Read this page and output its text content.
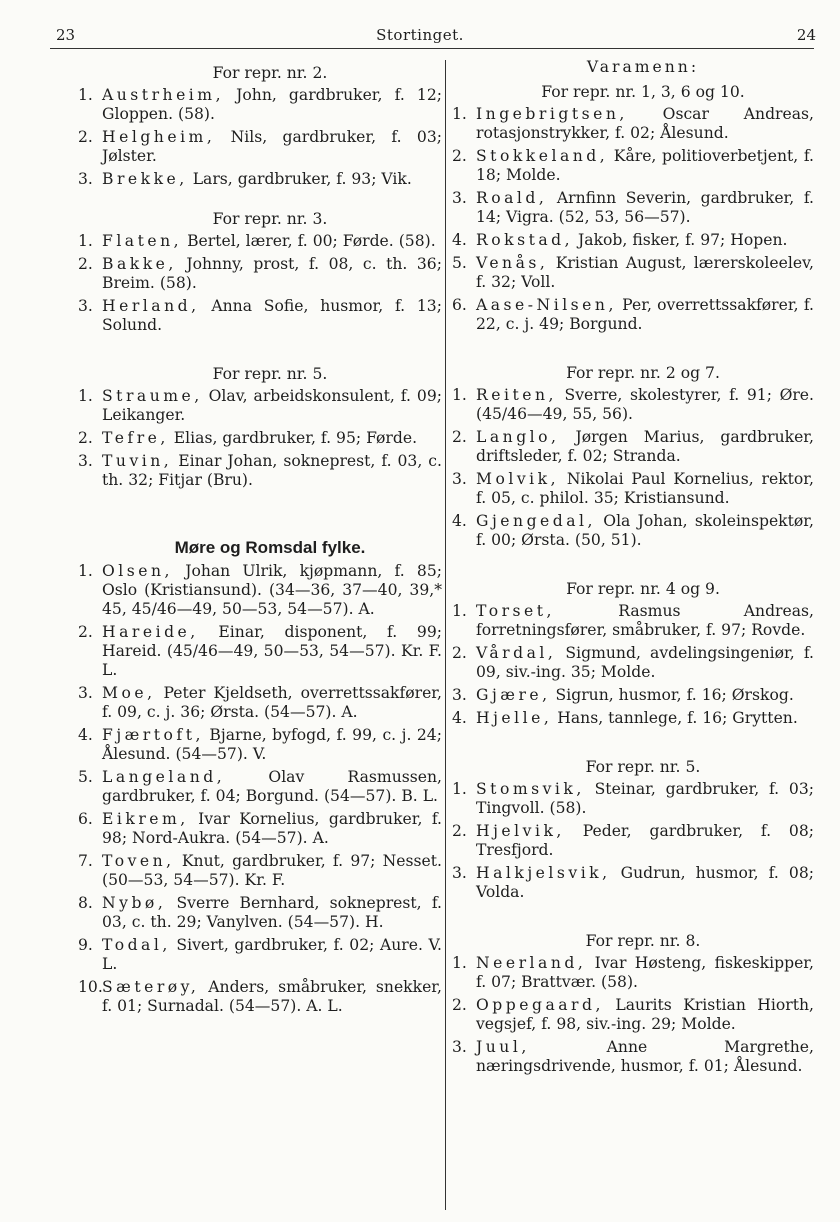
23	Stortinget.	24
For repr. nr. 2.
1. Austrheim, John, gardbruker, f. 12; Gloppen. (58).
2. Helgheim, Nils, gardbruker, f. 03; Jølster.
3. Brekke, Lars, gardbruker, f. 93; Vik.
For repr. nr. 3.
1. Flaten, Bertel, lærer, f. 00; Førde. (58).
2. Bakke, Johnny, prost, f. 08, c. th. 36; Breim. (58).
3. Herland, Anna Sofie, husmor, f. 13; Solund.
For repr. nr. 5.
1. Straume, Olav, arbeidskonsulent, f. 09; Leikanger.
2. Tefre, Elias, gardbruker, f. 95; Førde.
3. Tuvin, Einar Johan, sokneprest, f. 03, c. th. 32; Fitjar (Bru).
Møre og Romsdal fylke.
1. Olsen, Johan Ulrik, kjøpmann, f. 85; Oslo (Kristiansund). (34—36, 37—40, 39,* 45, 45/46—49, 50—53, 54—57). A.
2. Hareide, Einar, disponent, f. 99; Hareid. (45/46—49, 50—53, 54—57). Kr. F. L.
3. Moe, Peter Kjeldseth, overrettssakfører, f. 09, c. j. 36; Ørsta. (54—57). A.
4. Fjærtoft, Bjarne, byfogd, f. 99, c. j. 24; Ålesund. (54—57). V.
5. Langeland, Olav Rasmussen, gardbruker, f. 04; Borgund. (54—57). B. L.
6. Eikrem, Ivar Kornelius, gardbruker, f. 98; Nord-Aukra. (54—57). A.
7. Toven, Knut, gardbruker, f. 97; Nesset. (50—53, 54—57). Kr. F.
8. Nybø, Sverre Bernhard, sokneprest, f. 03, c. th. 29; Vanylven. (54—57). H.
9. Todal, Sivert, gardbruker, f. 02; Aure. V. L.
10. Sæterøy, Anders, småbruker, snekker, f. 01; Surnadal. (54—57). A. L.
Varamenn:
For repr. nr. 1, 3, 6 og 10.
1. Ingebrigtsen, Oscar Andreas, rotasjonstrykker, f. 02; Ålesund.
2. Stokkeland, Kåre, politioverbetjent, f. 18; Molde.
3. Roald, Arnfinn Severin, gardbruker, f. 14; Vigra. (52, 53, 56—57).
4. Rokstad, Jakob, fisker, f. 97; Hopen.
5. Venås, Kristian August, lærerskoleelev, f. 32; Voll.
6. Aase-Nilsen, Per, overrettssakfører, f. 22, c. j. 49; Borgund.
For repr. nr. 2 og 7.
1. Reiten, Sverre, skolestyrer, f. 91; Øre. (45/46—49, 55, 56).
2. Langlo, Jørgen Marius, gardbruker, driftsleder, f. 02; Stranda.
3. Molvik, Nikolai Paul Kornelius, rektor, f. 05, c. philol. 35; Kristiansund.
4. Gjengedal, Ola Johan, skoleinspektør, f. 00; Ørsta. (50, 51).
For repr. nr. 4 og 9.
1. Torset, Rasmus Andreas, forretningsfører, småbruker, f. 97; Rovde.
2. Vårdal, Sigmund, avdelingsingeniør, f. 09, siv.-ing. 35; Molde.
3. Gjære, Sigrun, husmor, f. 16; Ørskog.
4. Hjelle, Hans, tannlege, f. 16; Grytten.
For repr. nr. 5.
1. Stomsvik, Steinar, gardbruker, f. 03; Tingvoll. (58).
2. Hjelvik, Peder, gardbruker, f. 08; Tresfjord.
3. Halkjelsvik, Gudrun, husmor, f. 08; Volda.
For repr. nr. 8.
1. Neerland, Ivar Høsteng, fiskeskipper, f. 07; Brattvær. (58).
2. Oppegaard, Laurits Kristian Hiorth, vegsjef, f. 98, siv.-ing. 29; Molde.
3. Juul, Anne Margrethe, næringsdrivende, husmor, f. 01; Ålesund.
